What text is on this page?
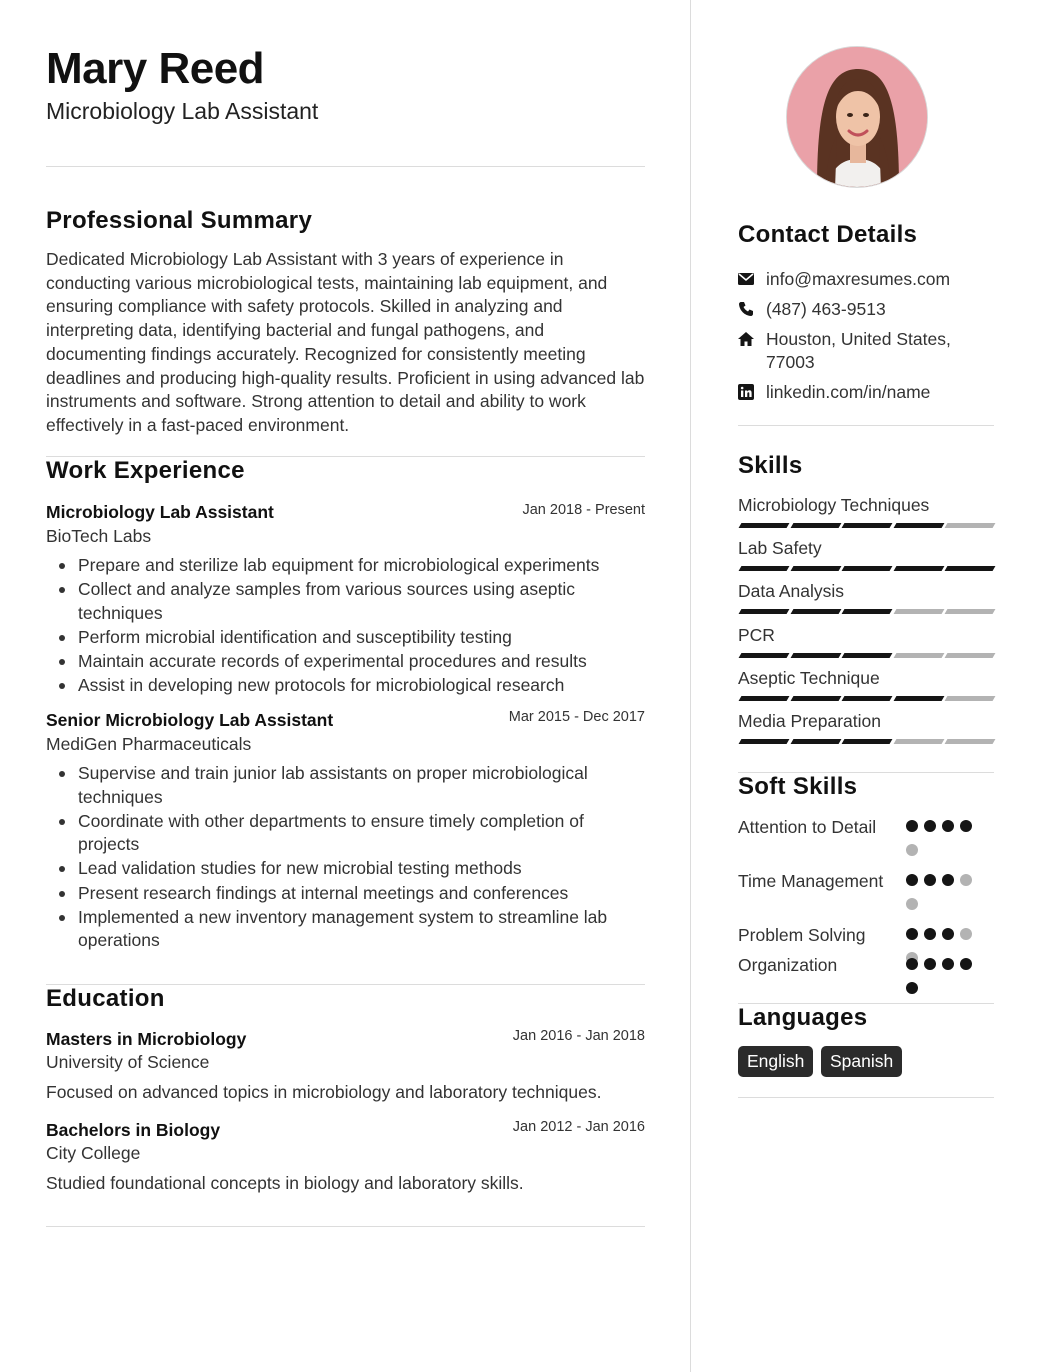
Mary Reed
Microbiology Lab Assistant
Professional Summary
Dedicated Microbiology Lab Assistant with 3 years of experience in conducting various microbiological tests, maintaining lab equipment, and ensuring compliance with safety protocols. Skilled in analyzing and interpreting data, identifying bacterial and fungal pathogens, and documenting findings accurately. Recognized for consistently meeting deadlines and producing high-quality results. Proficient in using advanced lab instruments and software. Strong attention to detail and ability to work effectively in a fast-paced environment.
Work Experience
Microbiology Lab Assistant	Jan 2018 - Present
BioTech Labs
Prepare and sterilize lab equipment for microbiological experiments
Collect and analyze samples from various sources using aseptic techniques
Perform microbial identification and susceptibility testing
Maintain accurate records of experimental procedures and results
Assist in developing new protocols for microbiological research
Senior Microbiology Lab Assistant	Mar 2015 - Dec 2017
MediGen Pharmaceuticals
Supervise and train junior lab assistants on proper microbiological techniques
Coordinate with other departments to ensure timely completion of projects
Lead validation studies for new microbial testing methods
Present research findings at internal meetings and conferences
Implemented a new inventory management system to streamline lab operations
Education
Masters in Microbiology	Jan 2016 - Jan 2018
University of Science
Focused on advanced topics in microbiology and laboratory techniques.
Bachelors in Biology	Jan 2012 - Jan 2016
City College
Studied foundational concepts in biology and laboratory skills.
Contact Details
info@maxresumes.com
(487) 463-9513
Houston, United States, 77003
linkedin.com/in/name
Skills
Microbiology Techniques
Lab Safety
Data Analysis
PCR
Aseptic Technique
Media Preparation
Soft Skills
Attention to Detail
Time Management
Problem Solving
Organization
Languages
English	Spanish
